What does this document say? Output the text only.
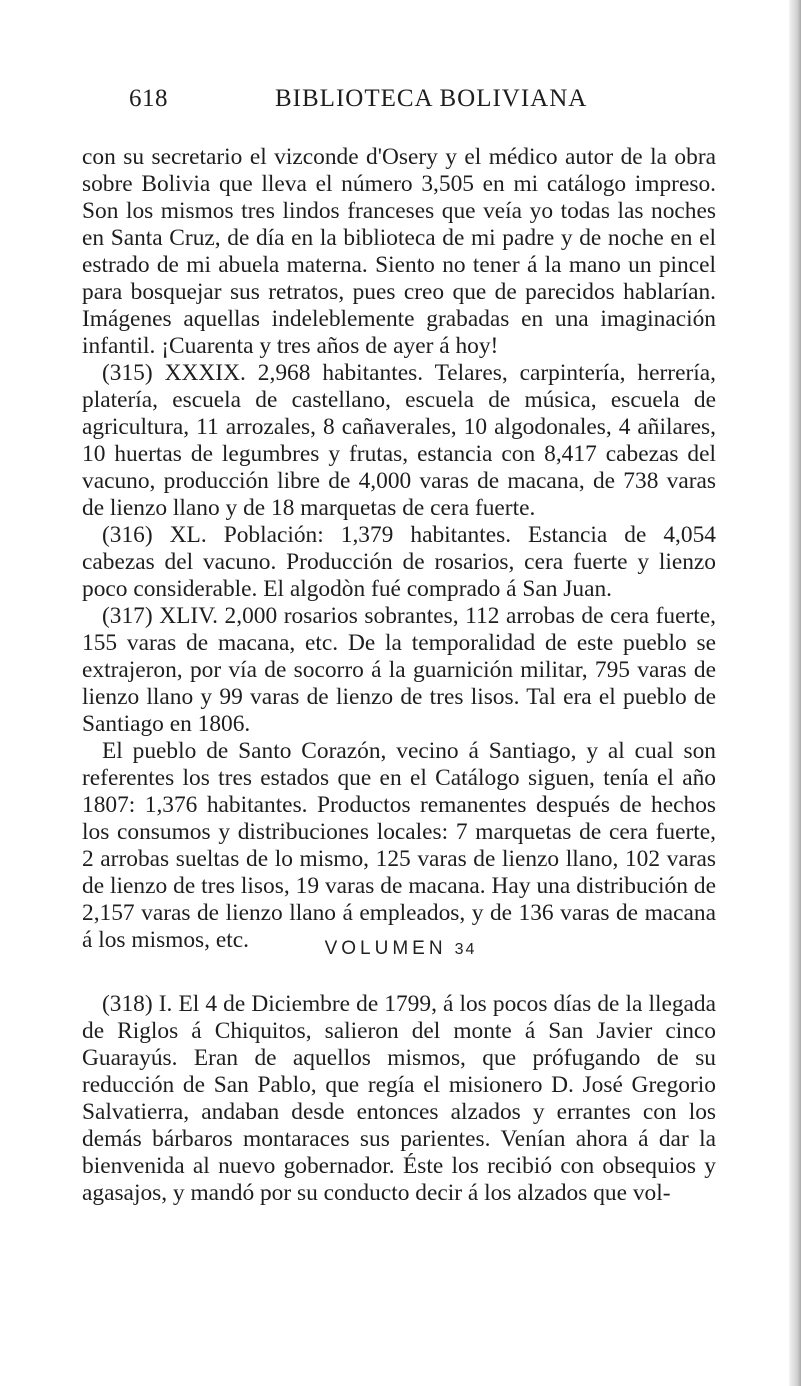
618	BIBLIOTECA BOLIVIANA

con su secretario el vizconde d'Osery y el médico autor de la obra sobre Bolivia que lleva el número 3,505 en mi catálogo impreso. Son los mismos tres lindos franceses que veía yo todas las noches en Santa Cruz, de día en la biblioteca de mi padre y de noche en el estrado de mi abuela materna. Siento no tener á la mano un pincel para bosquejar sus retratos, pues creo que de parecidos hablarían. Imágenes aquellas indeleblemente grabadas en una imaginación infantil. ¡Cuarenta y tres años de ayer á hoy!

(315) XXXIX. 2,968 habitantes. Telares, carpintería, herrería, platería, escuela de castellano, escuela de música, escuela de agricultura, 11 arrozales, 8 cañaverales, 10 algodonales, 4 añilares, 10 huertas de legumbres y frutas, estancia con 8,417 cabezas del vacuno, producción libre de 4,000 varas de macana, de 738 varas de lienzo llano y de 18 marquetas de cera fuerte.

(316) XL. Población: 1,379 habitantes. Estancia de 4,054 cabezas del vacuno. Producción de rosarios, cera fuerte y lienzo poco considerable. El algodòn fué comprado á San Juan.

(317) XLIV. 2,000 rosarios sobrantes, 112 arrobas de cera fuerte, 155 varas de macana, etc. De la temporalidad de este pueblo se extrajeron, por vía de socorro á la guarnición militar, 795 varas de lienzo llano y 99 varas de lienzo de tres lisos. Tal era el pueblo de Santiago en 1806.

El pueblo de Santo Corazón, vecino á Santiago, y al cual son referentes los tres estados que en el Catálogo siguen, tenía el año 1807: 1,376 habitantes. Productos remanentes después de hechos los consumos y distribuciones locales: 7 marquetas de cera fuerte, 2 arrobas sueltas de lo mismo, 125 varas de lienzo llano, 102 varas de lienzo de tres lisos, 19 varas de macana. Hay una distribución de 2,157 varas de lienzo llano á empleados, y de 136 varas de macana á los mismos, etc.	VOLUMEN 34

(318) I. El 4 de Diciembre de 1799, á los pocos días de la llegada de Riglos á Chiquitos, salieron del monte á San Javier cinco Guarayús. Eran de aquellos mismos, que prófugando de su reducción de San Pablo, que regía el misionero D. José Gregorio Salvatierra, andaban desde entonces alzados y errantes con los demás bárbaros montaraces sus parientes. Venían ahora á dar la bienvenida al nuevo gobernador. Éste los recibió con obsequios y agasajos, y mandó por su conducto decir á los alzados que vol-
